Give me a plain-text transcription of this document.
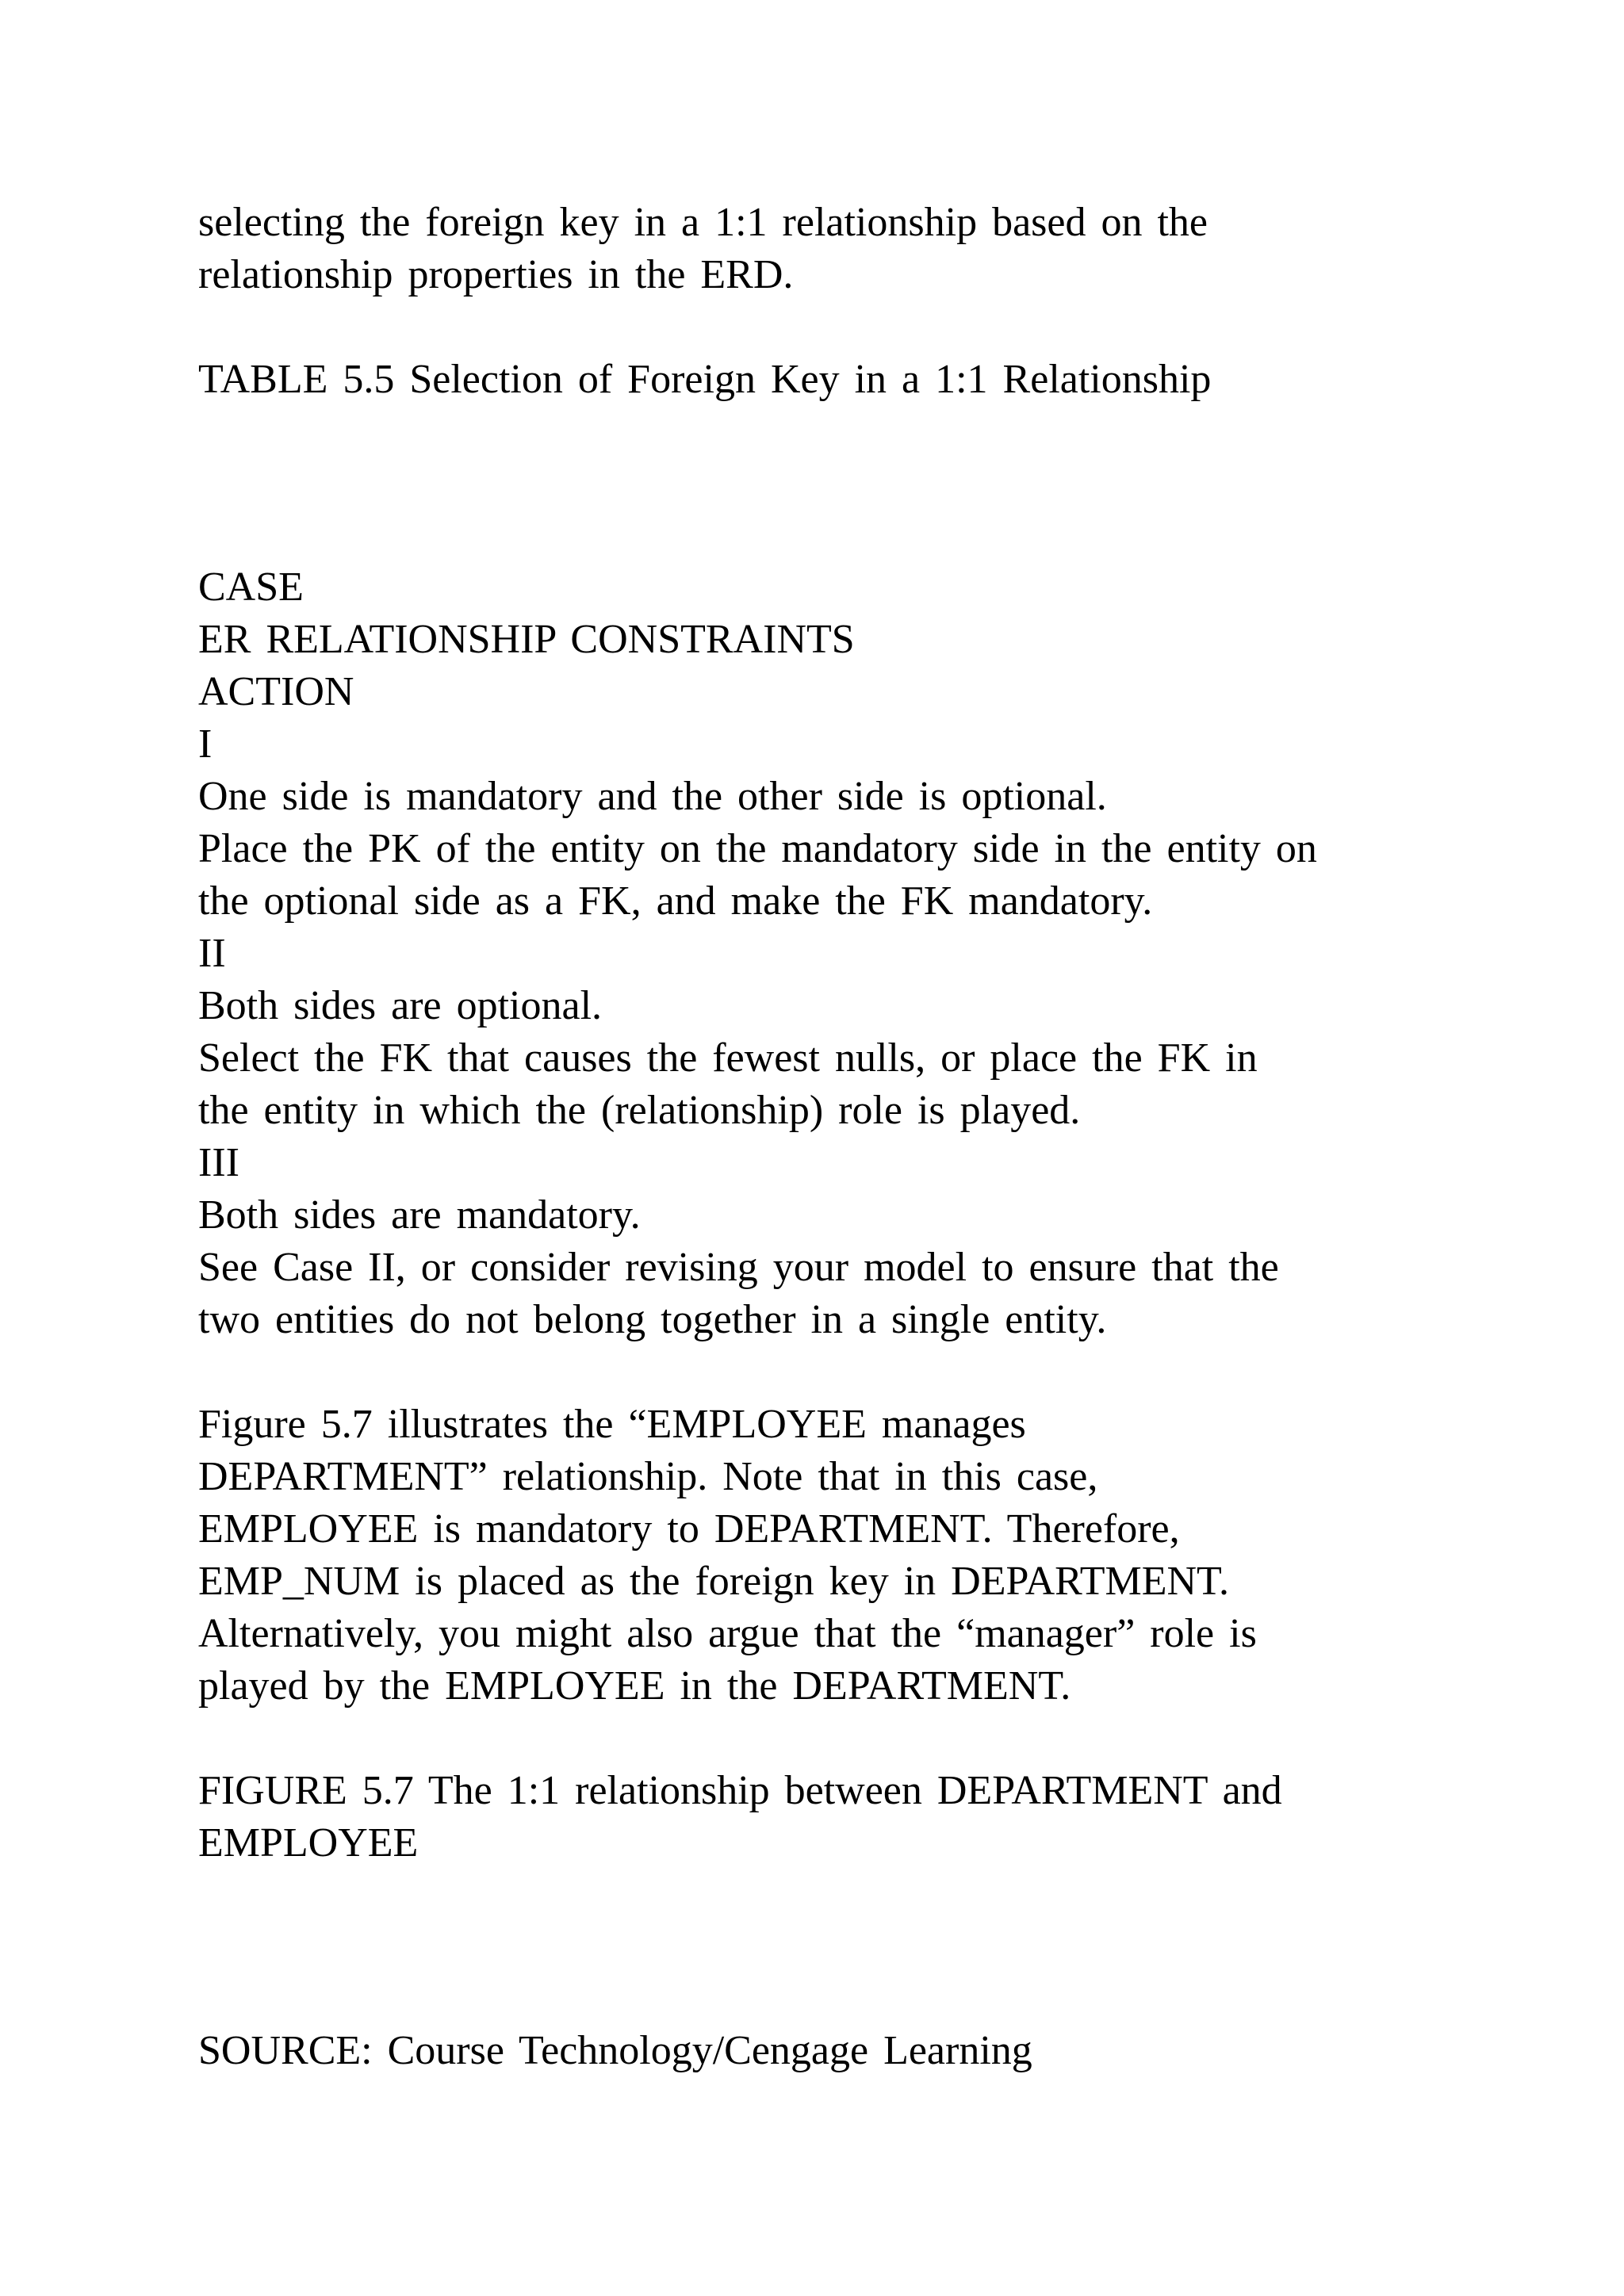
selecting the foreign key in a 1:1 relationship based on the
relationship properties in the ERD.
TABLE 5.5 Selection of Foreign Key in a 1:1 Relationship
CASE
ER RELATIONSHIP CONSTRAINTS
ACTION
I
One side is mandatory and the other side is optional.
Place the PK of the entity on the mandatory side in the entity on
the optional side as a FK, and make the FK mandatory.
II
Both sides are optional.
Select the FK that causes the fewest nulls, or place the FK in
the entity in which the (relationship) role is played.
III
Both sides are mandatory.
See Case II, or consider revising your model to ensure that the
two entities do not belong together in a single entity.
Figure 5.7 illustrates the “EMPLOYEE manages
DEPARTMENT” relationship. Note that in this case,
EMPLOYEE is mandatory to DEPARTMENT. Therefore,
EMP_NUM is placed as the foreign key in DEPARTMENT.
Alternatively, you might also argue that the “manager” role is
played by the EMPLOYEE in the DEPARTMENT.
FIGURE 5.7 The 1:1 relationship between DEPARTMENT and
EMPLOYEE
SOURCE: Course Technology/Cengage Learning
